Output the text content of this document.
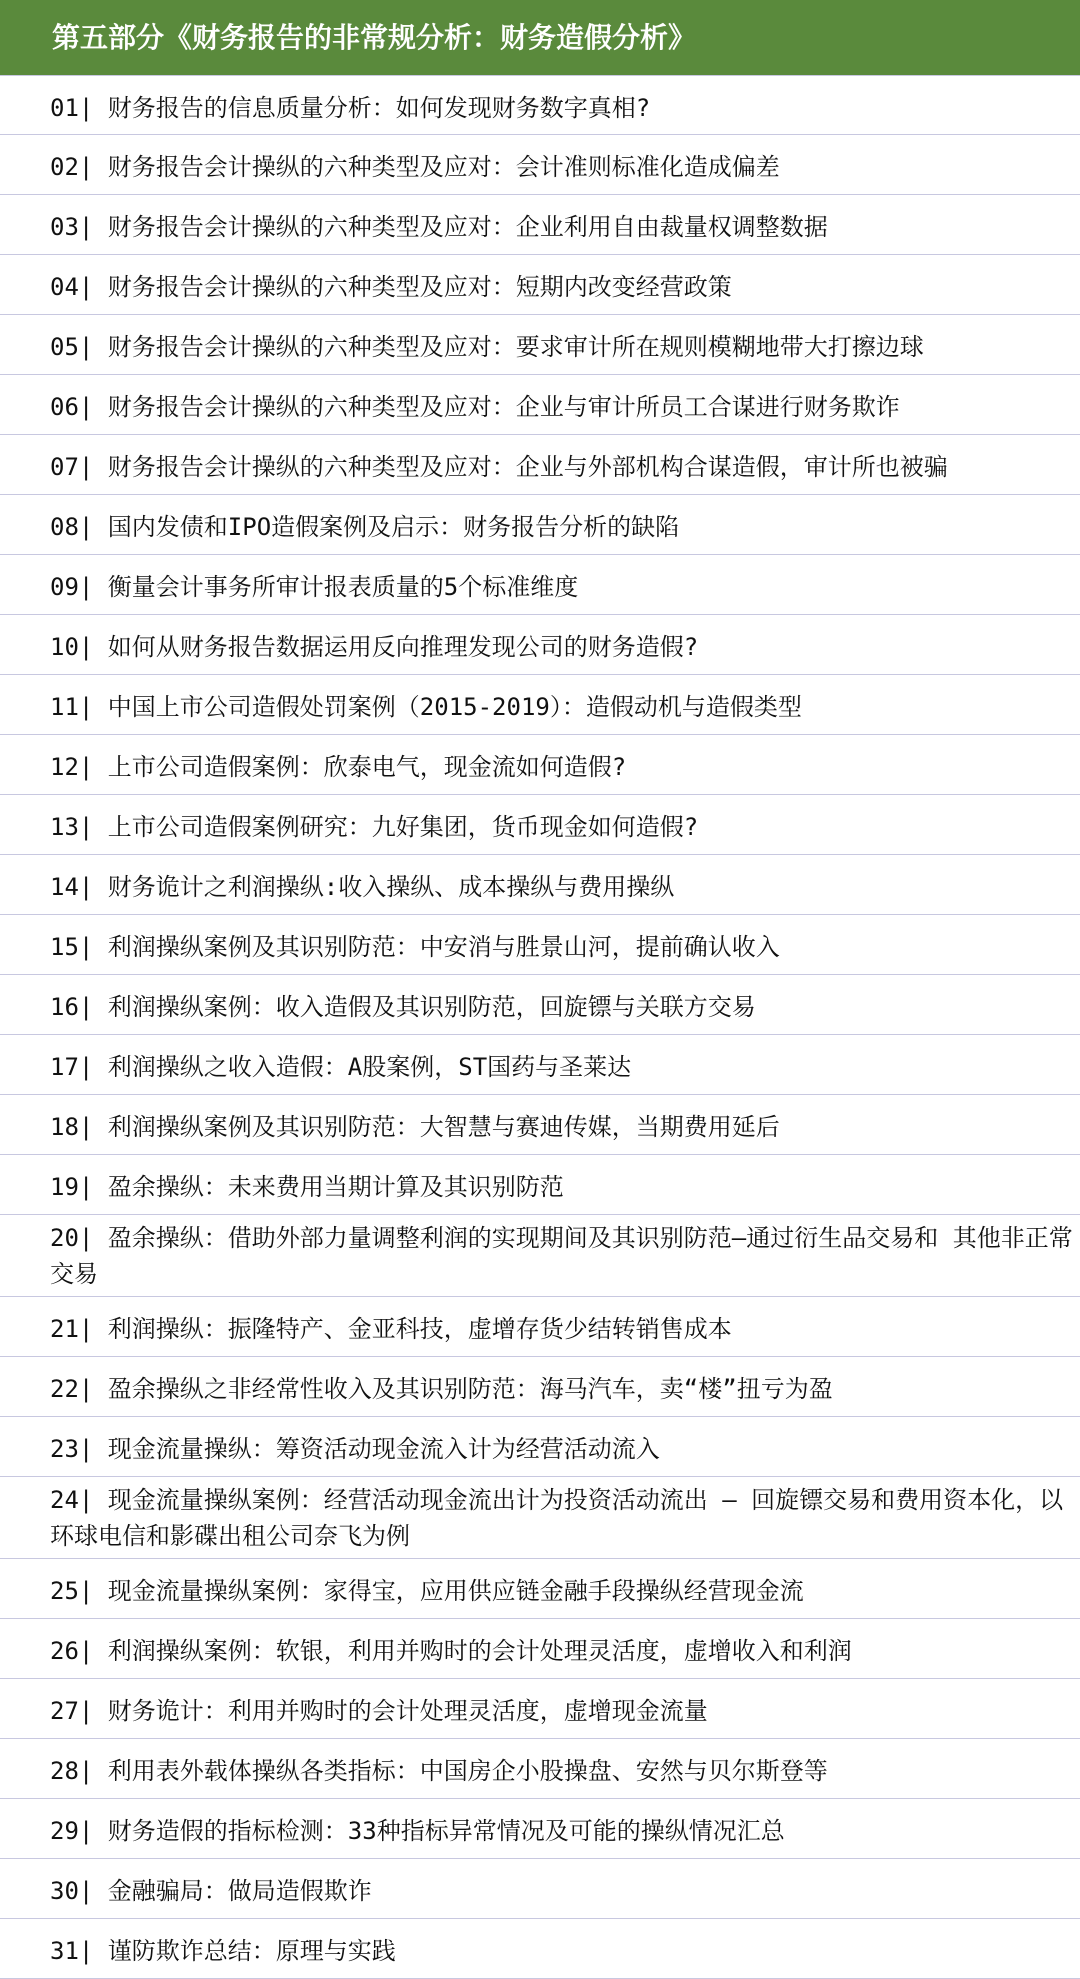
第五部分《财务报告的非常规分析：财务造假分析》
01| 财务报告的信息质量分析：如何发现财务数字真相?
02| 财务报告会计操纵的六种类型及应对：会计准则标准化造成偏差
03| 财务报告会计操纵的六种类型及应对：企业利用自由裁量权调整数据
04| 财务报告会计操纵的六种类型及应对：短期内改变经营政策
05| 财务报告会计操纵的六种类型及应对：要求审计所在规则模糊地带大打擦边球
06| 财务报告会计操纵的六种类型及应对：企业与审计所员工合谋进行财务欺诈
07| 财务报告会计操纵的六种类型及应对：企业与外部机构合谋造假，审计所也被骗
08| 国内发债和IPO造假案例及启示：财务报告分析的缺陷
09| 衡量会计事务所审计报表质量的5个标准维度
10| 如何从财务报告数据运用反向推理发现公司的财务造假?
11| 中国上市公司造假处罚案例（2015-2019）：造假动机与造假类型
12| 上市公司造假案例：欣泰电气，现金流如何造假?
13| 上市公司造假案例研究：九好集团，货币现金如何造假?
14| 财务诡计之利润操纵:收入操纵、成本操纵与费用操纵
15| 利润操纵案例及其识别防范：中安消与胜景山河，提前确认收入
16| 利润操纵案例：收入造假及其识别防范，回旋镖与关联方交易
17| 利润操纵之收入造假：A股案例，ST国药与圣莱达
18| 利润操纵案例及其识别防范：大智慧与赛迪传媒，当期费用延后
19| 盈余操纵：未来费用当期计算及其识别防范
20| 盈余操纵：借助外部力量调整利润的实现期间及其识别防范—通过衍生品交易和 其他非正常交易
21| 利润操纵：振隆特产、金亚科技，虚增存货少结转销售成本
22| 盈余操纵之非经常性收入及其识别防范：海马汽车，卖“楼”扭亏为盈
23| 现金流量操纵：筹资活动现金流入计为经营活动流入
24| 现金流量操纵案例：经营活动现金流出计为投资活动流出 — 回旋镖交易和费用资本化，以环球电信和影碟出租公司奈飞为例
25| 现金流量操纵案例：家得宝，应用供应链金融手段操纵经营现金流
26| 利润操纵案例：软银，利用并购时的会计处理灵活度，虚增收入和利润
27| 财务诡计：利用并购时的会计处理灵活度，虚增现金流量
28| 利用表外载体操纵各类指标：中国房企小股操盘、安然与贝尔斯登等
29| 财务造假的指标检测：33种指标异常情况及可能的操纵情况汇总
30| 金融骗局：做局造假欺诈
31| 谨防欺诈总结：原理与实践
